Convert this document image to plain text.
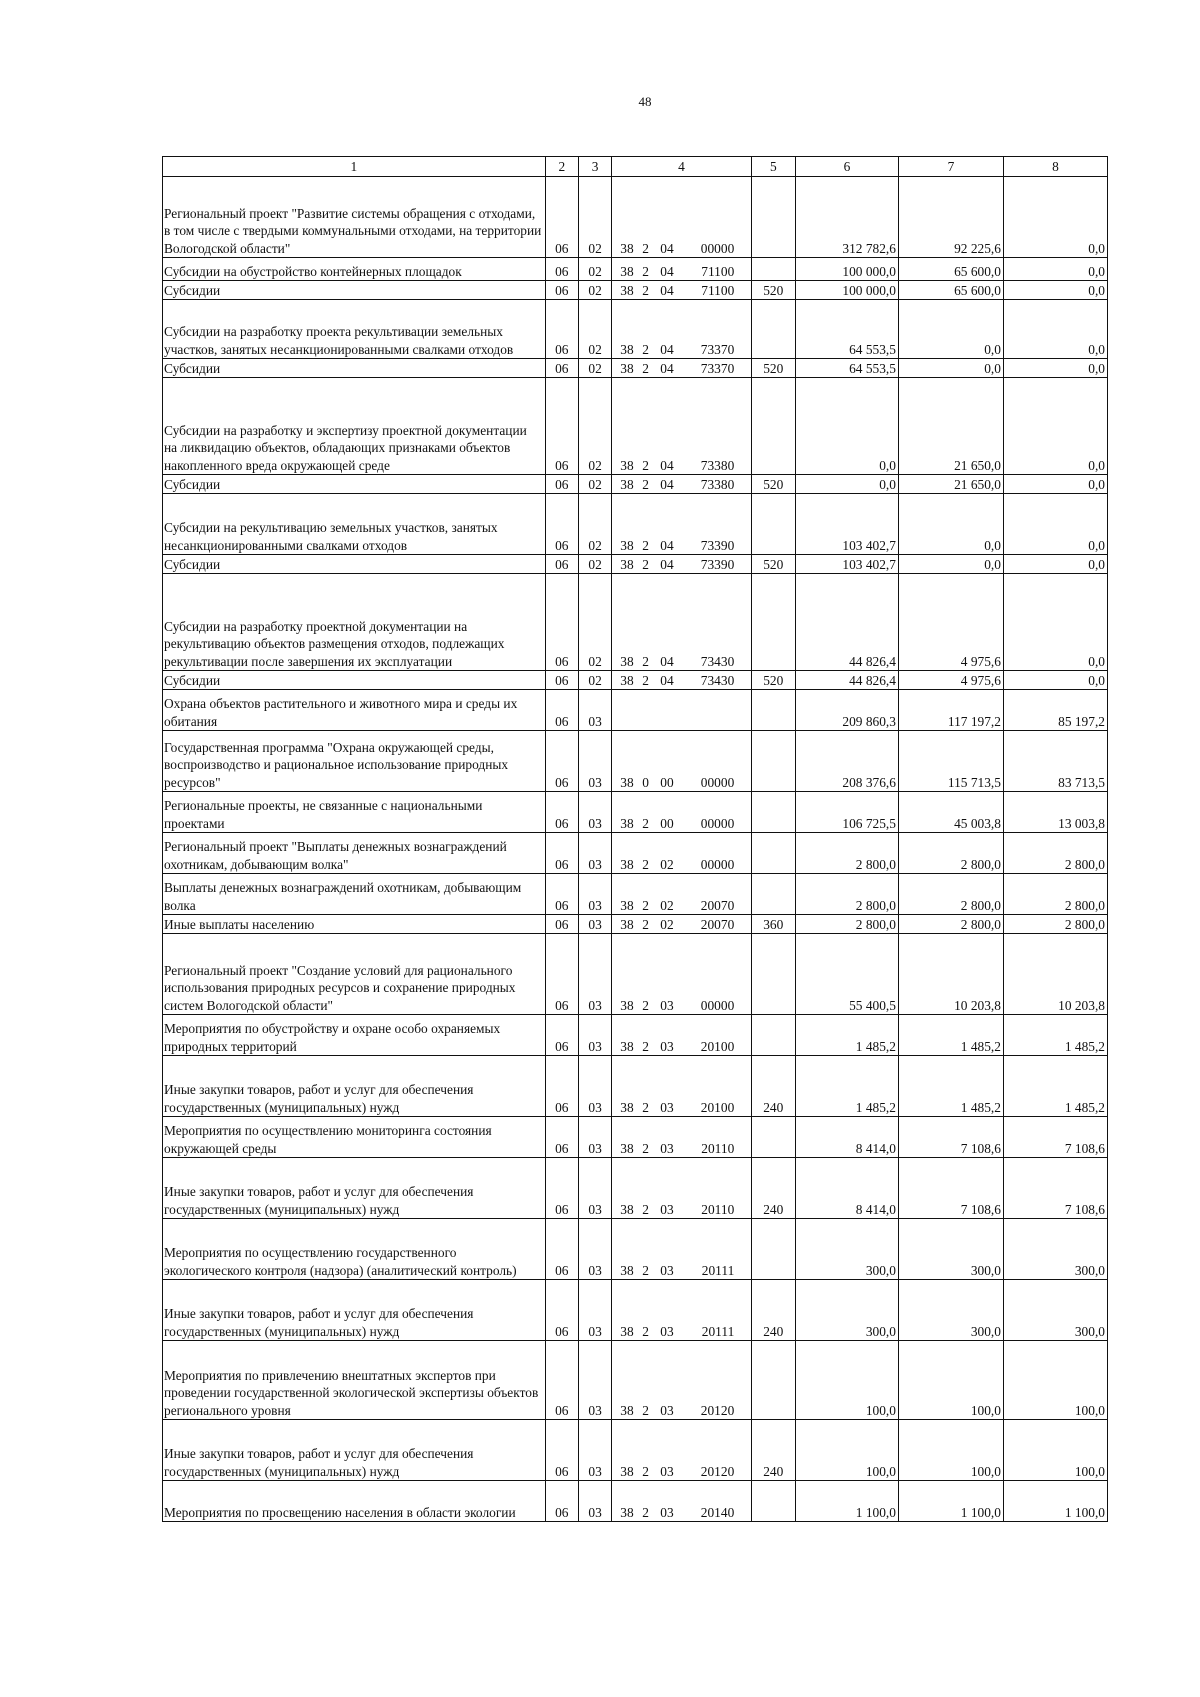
48
1	2	3	4	5	6	7	8
Региональный проект "Развитие системы обращения с отходами, в том числе с твердыми коммунальными отходами, на территории Вологодской области"	06	02	38 2 04 00000		312 782,6	92 225,6	0,0
Субсидии на обустройство контейнерных площадок	06	02	38 2 04 71100		100 000,0	65 600,0	0,0
Субсидии	06	02	38 2 04 71100	520	100 000,0	65 600,0	0,0
Субсидии на разработку проекта рекультивации земельных участков, занятых несанкционированными свалками отходов	06	02	38 2 04 73370		64 553,5	0,0	0,0
Субсидии	06	02	38 2 04 73370	520	64 553,5	0,0	0,0
Субсидии на разработку и экспертизу проектной документации на ликвидацию объектов, обладающих признаками объектов накопленного вреда окружающей среде	06	02	38 2 04 73380		0,0	21 650,0	0,0
Субсидии	06	02	38 2 04 73380	520	0,0	21 650,0	0,0
Субсидии на рекультивацию земельных участков, занятых несанкционированными свалками отходов	06	02	38 2 04 73390		103 402,7	0,0	0,0
Субсидии	06	02	38 2 04 73390	520	103 402,7	0,0	0,0
Субсидии на разработку проектной документации на рекультивацию объектов размещения отходов, подлежащих рекультивации после завершения их эксплуатации	06	02	38 2 04 73430		44 826,4	4 975,6	0,0
Субсидии	06	02	38 2 04 73430	520	44 826,4	4 975,6	0,0
Охрана объектов растительного и животного мира и среды их обитания	06	03			209 860,3	117 197,2	85 197,2
Государственная программа "Охрана окружающей среды, воспроизводство и рациональное использование природных ресурсов"	06	03	38 0 00 00000		208 376,6	115 713,5	83 713,5
Региональные проекты, не связанные с национальными проектами	06	03	38 2 00 00000		106 725,5	45 003,8	13 003,8
Региональный проект "Выплаты денежных вознаграждений охотникам, добывающим волка"	06	03	38 2 02 00000		2 800,0	2 800,0	2 800,0
Выплаты денежных вознаграждений охотникам, добывающим волка	06	03	38 2 02 20070		2 800,0	2 800,0	2 800,0
Иные выплаты населению	06	03	38 2 02 20070	360	2 800,0	2 800,0	2 800,0
Региональный проект "Создание условий для рационального использования природных ресурсов и сохранение природных систем Вологодской области"	06	03	38 2 03 00000		55 400,5	10 203,8	10 203,8
Мероприятия по обустройству и охране особо охраняемых природных территорий	06	03	38 2 03 20100		1 485,2	1 485,2	1 485,2
Иные закупки товаров, работ и услуг для обеспечения государственных (муниципальных) нужд	06	03	38 2 03 20100	240	1 485,2	1 485,2	1 485,2
Мероприятия по осуществлению мониторинга состояния окружающей среды	06	03	38 2 03 20110		8 414,0	7 108,6	7 108,6
Иные закупки товаров, работ и услуг для обеспечения государственных (муниципальных) нужд	06	03	38 2 03 20110	240	8 414,0	7 108,6	7 108,6
Мероприятия по осуществлению государственного экологического контроля (надзора) (аналитический контроль)	06	03	38 2 03 20111		300,0	300,0	300,0
Иные закупки товаров, работ и услуг для обеспечения государственных (муниципальных) нужд	06	03	38 2 03 20111	240	300,0	300,0	300,0
Мероприятия по привлечению внештатных экспертов при проведении государственной экологической экспертизы объектов регионального уровня	06	03	38 2 03 20120		100,0	100,0	100,0
Иные закупки товаров, работ и услуг для обеспечения государственных (муниципальных) нужд	06	03	38 2 03 20120	240	100,0	100,0	100,0
Мероприятия по просвещению населения в области экологии	06	03	38 2 03 20140		1 100,0	1 100,0	1 100,0
